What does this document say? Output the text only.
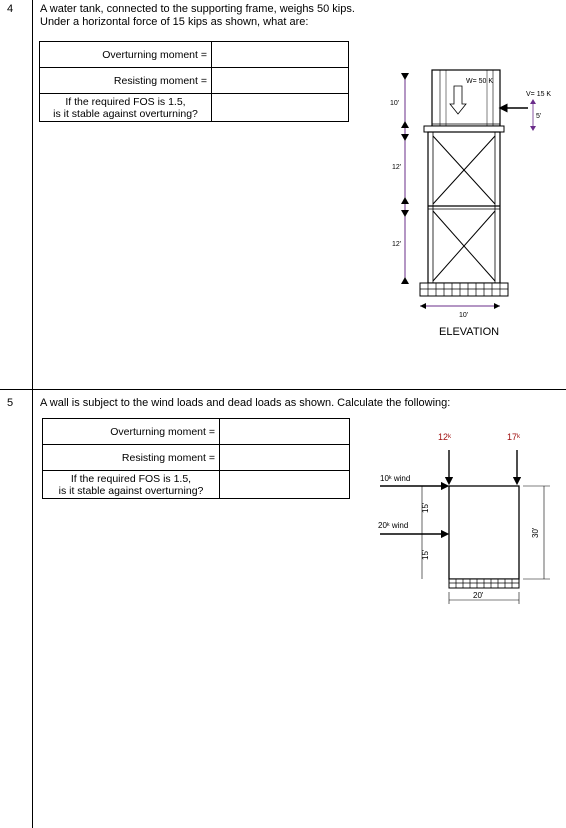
4 A water tank, connected to the supporting frame, weighs 50 kips.
Under a horizontal force of 15 kips as shown, what are:
Overturning moment =	
Resisting moment =	

If the required FOS is 1.5,
is it stable against overturning?	

10'
12'
12'
W= 50 K
V= 15 K
5'
10'
ELEVATION
5 A wall is subject to the wind loads and dead loads as shown. Calculate the following:
Overturning moment =	
Resisting moment =	

If the required FOS is 1.5,
is it stable against overturning?	

12ᵏ	17ᵏ
10ᵏ wind
20ᵏ wind
15'
15'
30'
20'
